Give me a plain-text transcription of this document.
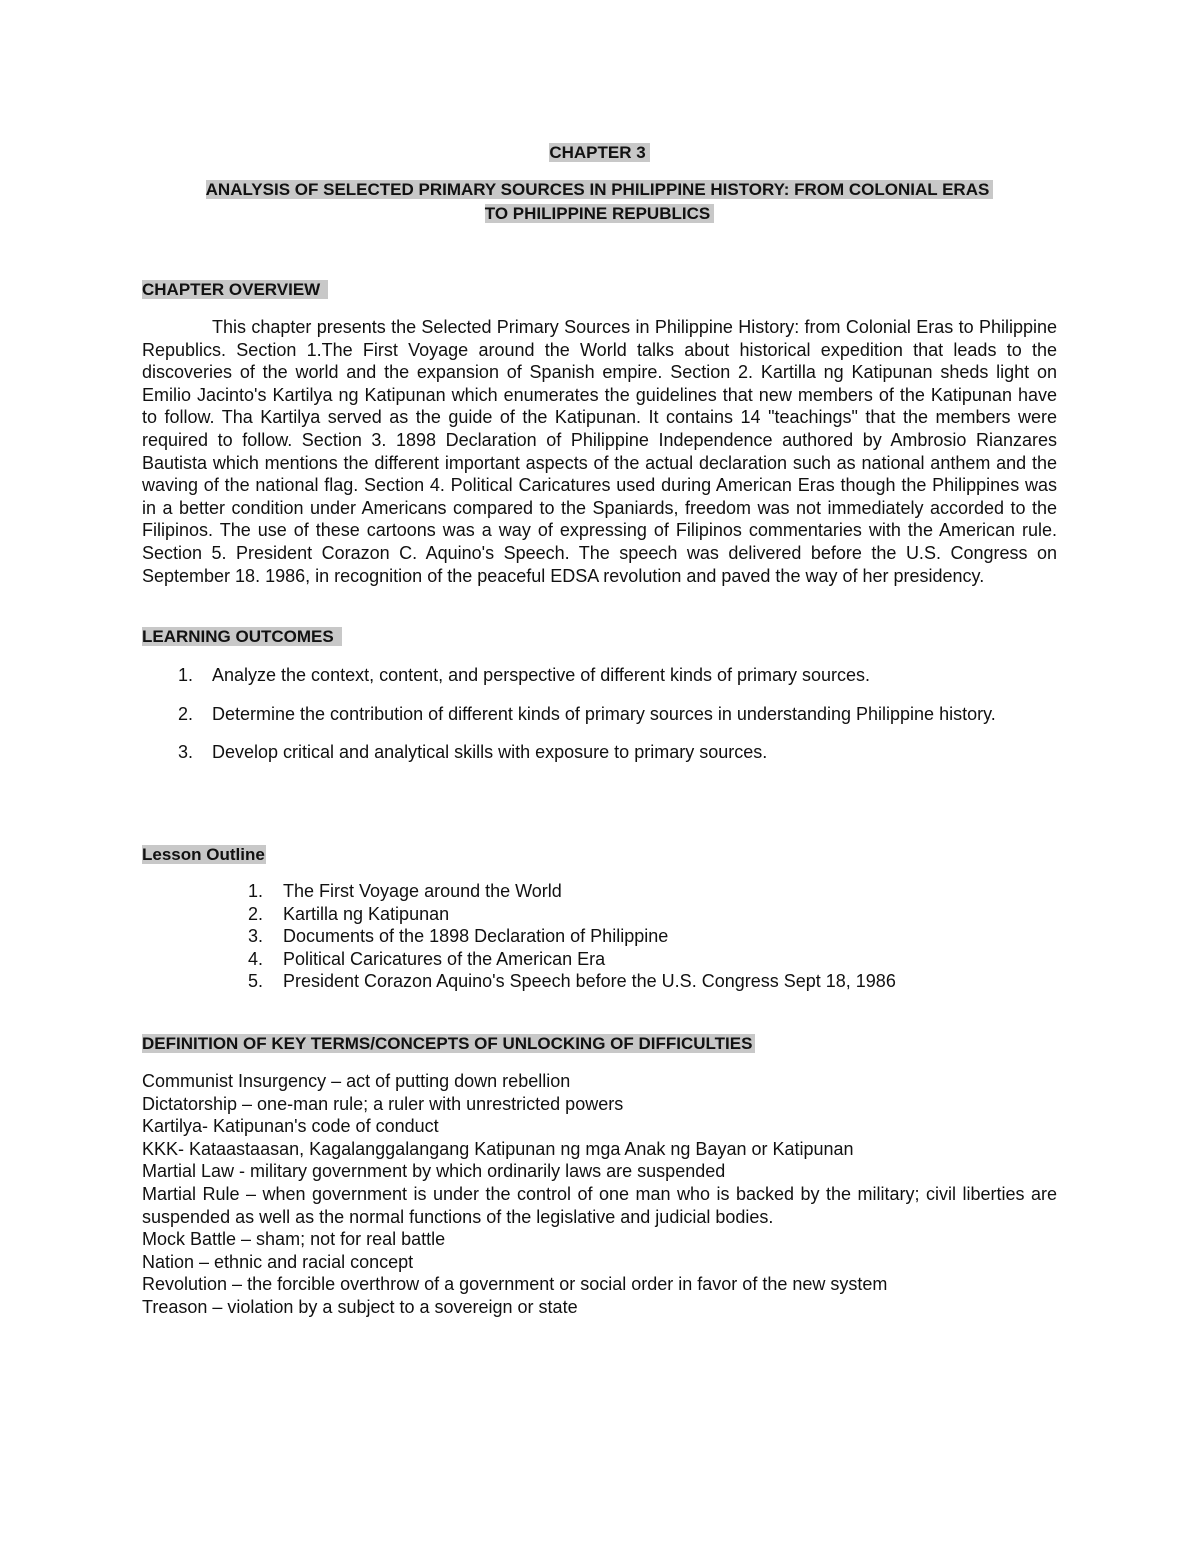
CHAPTER 3
ANALYSIS OF SELECTED PRIMARY SOURCES IN PHILIPPINE HISTORY: FROM COLONIAL ERAS
TO PHILIPPINE REPUBLICS
CHAPTER OVERVIEW

This chapter presents the Selected Primary Sources in Philippine History: from Colonial Eras to Philippine Republics. Section 1.The First Voyage around the World talks about historical expedition that leads to the discoveries of the world and the expansion of Spanish empire. Section 2. Kartilla ng Katipunan sheds light on Emilio Jacinto's Kartilya ng Katipunan which enumerates the guidelines that new members of the Katipunan have to follow. Tha Kartilya served as the guide of the Katipunan. It contains 14 "teachings" that the members were required to follow. Section 3. 1898 Declaration of Philippine Independence authored by Ambrosio Rianzares Bautista which mentions the different important aspects of the actual declaration such as national anthem and the waving of the national flag. Section 4. Political Caricatures used during American Eras though the Philippines was in a better condition under Americans compared to the Spaniards, freedom was not immediately accorded to the Filipinos. The use of these cartoons was a way of expressing of Filipinos commentaries with the American rule. Section 5. President Corazon C. Aquino's Speech. The speech was delivered before the U.S. Congress on September 18. 1986, in recognition of the peaceful EDSA revolution and paved the way of her presidency.

LEARNING OUTCOMES
1. Analyze the context, content, and perspective of different kinds of primary sources.
2. Determine the contribution of different kinds of primary sources in understanding Philippine history.
3. Develop critical and analytical skills with exposure to primary sources.
Lesson Outline
1. The First Voyage around the World
2. Kartilla ng Katipunan
3. Documents of the 1898 Declaration of Philippine
4. Political Caricatures of the American Era
5. President Corazon Aquino's Speech before the U.S. Congress Sept 18, 1986
DEFINITION OF KEY TERMS/CONCEPTS OF UNLOCKING OF DIFFICULTIES

Communist Insurgency – act of putting down rebellion

Dictatorship – one-man rule; a ruler with unrestricted powers

Kartilya- Katipunan's code of conduct

KKK- Kataastaasan, Kagalanggalangang Katipunan ng mga Anak ng Bayan or Katipunan

Martial Law - military government by which ordinarily laws are suspended

Martial Rule – when government is under the control of one man who is backed by the military; civil liberties are suspended as well as the normal functions of the legislative and judicial bodies.

Mock Battle – sham; not for real battle

Nation – ethnic and racial concept

Revolution – the forcible overthrow of a government or social order in favor of the new system

Treason – violation by a subject to a sovereign or state
